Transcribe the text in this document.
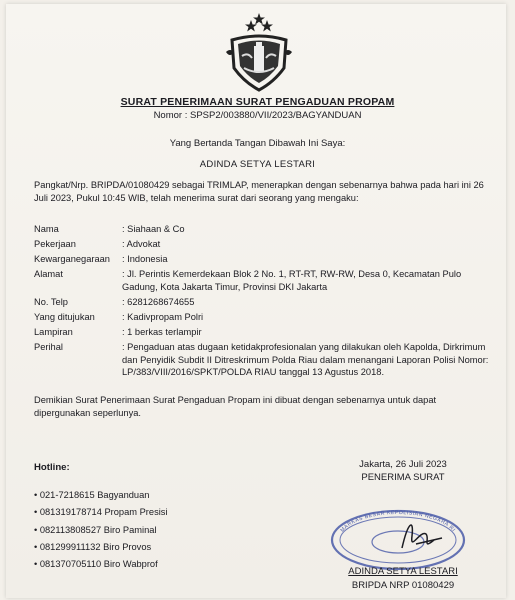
SURAT PENERIMAAN SURAT PENGADUAN PROPAM
Nomor : SPSP2/003880/VII/2023/BAGYANDUAN
Yang Bertanda Tangan Dibawah Ini Saya:
ADINDA SETYA LESTARI
Pangkat/Nrp. BRIPDA/01080429 sebagai TRIMLAP, menerapkan dengan sebenarnya bahwa pada hari ini 26 Juli 2023, Pukul 10:45 WIB, telah menerima surat dari seorang yang mengaku:
Nama	: Siahaan & Co
Pekerjaan	: Advokat
Kewarganegaraan	: Indonesia
Alamat	: Jl. Perintis Kemerdekaan Blok 2 No. 1, RT-RT, RW-RW, Desa 0, Kecamatan Pulo Gadung, Kota Jakarta Timur, Provinsi DKI Jakarta
No. Telp	: 6281268674655
Yang ditujukan	: Kadivpropam Polri
Lampiran	: 1 berkas terlampir
Perihal	: Pengaduan atas dugaan ketidakprofesionalan yang dilakukan oleh Kapolda, Dirkrimum dan Penyidik Subdit II Ditreskrimum Polda Riau dalam menangani Laporan Polisi Nomor: LP/383/VIII/2016/SPKT/POLDA RIAU tanggal 13 Agustus 2018.
Demikian Surat Penerimaan Surat Pengaduan Propam ini dibuat dengan sebenarnya untuk dapat dipergunakan seperlunya.
Hotline:
• 021-7218615 Bagyanduan
• 081319178714 Propam Presisi
• 082113808527 Biro Paminal
• 081299911132 Biro Provos
• 081370705110 Biro Wabprof
Jakarta, 26 Juli 2023
PENERIMA SURAT
MARKAS BESAR KEPOLISIAN NEGARA RI
ADINDA SETYA LESTARI
BRIPDA NRP 01080429
